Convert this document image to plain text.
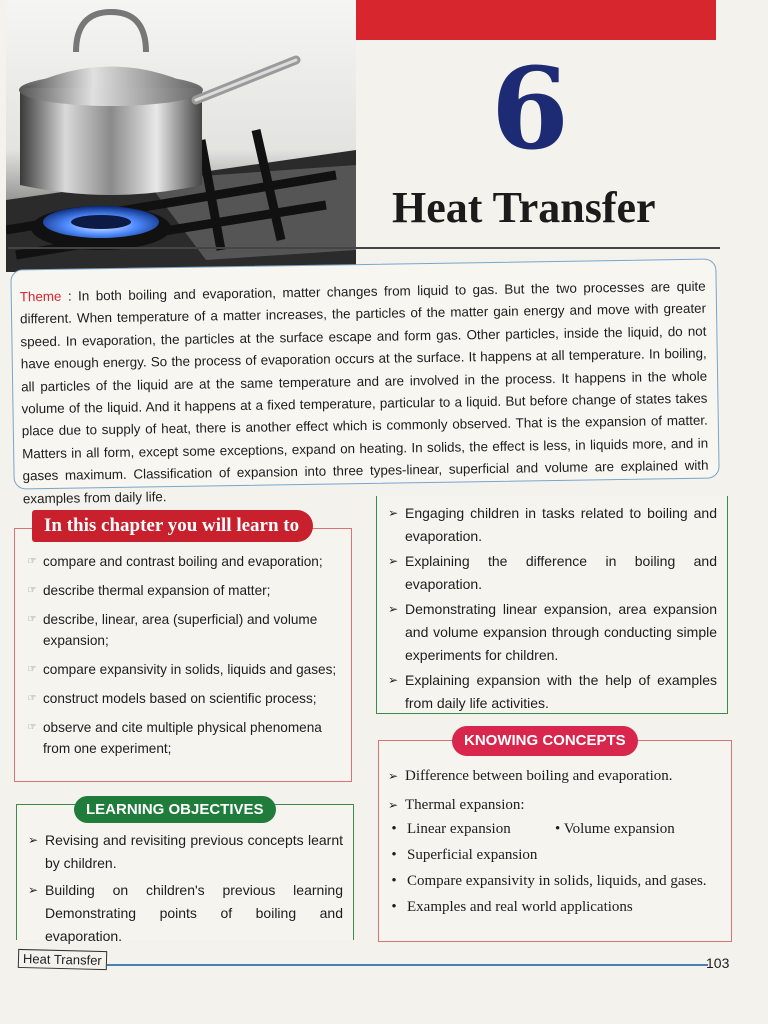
6
Heat Transfer

Theme : In both boiling and evaporation, matter changes from liquid to gas. But the two processes are quite different. When temperature of a matter increases, the particles of the matter gain energy and move with greater speed. In evaporation, the particles at the surface escape and form gas. Other particles, inside the liquid, do not have enough energy. So the process of evaporation occurs at the surface. It happens at all temperature. In boiling, all particles of the liquid are at the same temperature and are involved in the process. It happens in the whole volume of the liquid. And it happens at a fixed temperature, particular to a liquid. But before change of states takes place due to supply of heat, there is another effect which is commonly observed. That is the expansion of matter. Matters in all form, except some exceptions, expand on heating. In solids, the effect is less, in liquids more, and in gases maximum. Classification of expansion into three types-linear, superficial and volume are explained with examples from daily life.

☞ compare and contrast boiling and evaporation;
☞ describe thermal expansion of matter;
☞ describe, linear, area (superficial) and volume expansion;
☞ compare expansivity in solids, liquids and gases;
☞ construct models based on scientific process;
☞ observe and cite multiple physical phenomena from one experiment;
In this chapter you will learn to
➢ Revising and revisiting previous concepts learnt by children.
➢ Building on children's previous learning Demonstrating points of boiling and evaporation.
LEARNING OBJECTIVES
➢ Engaging children in tasks related to boiling and evaporation.
➢ Explaining the difference in boiling and evaporation.
➢ Demonstrating linear expansion, area expansion and volume expansion through conducting simple experiments for children.
➢ Explaining expansion with the help of examples from daily life activities.
➢ Difference between boiling and evaporation.
➢ Thermal expansion:
• Linear expansion	• Volume expansion
• Superficial expansion
• Compare expansivity in solids, liquids, and gases.
• Examples and real world applications
KNOWING CONCEPTS
Heat Transfer	103
